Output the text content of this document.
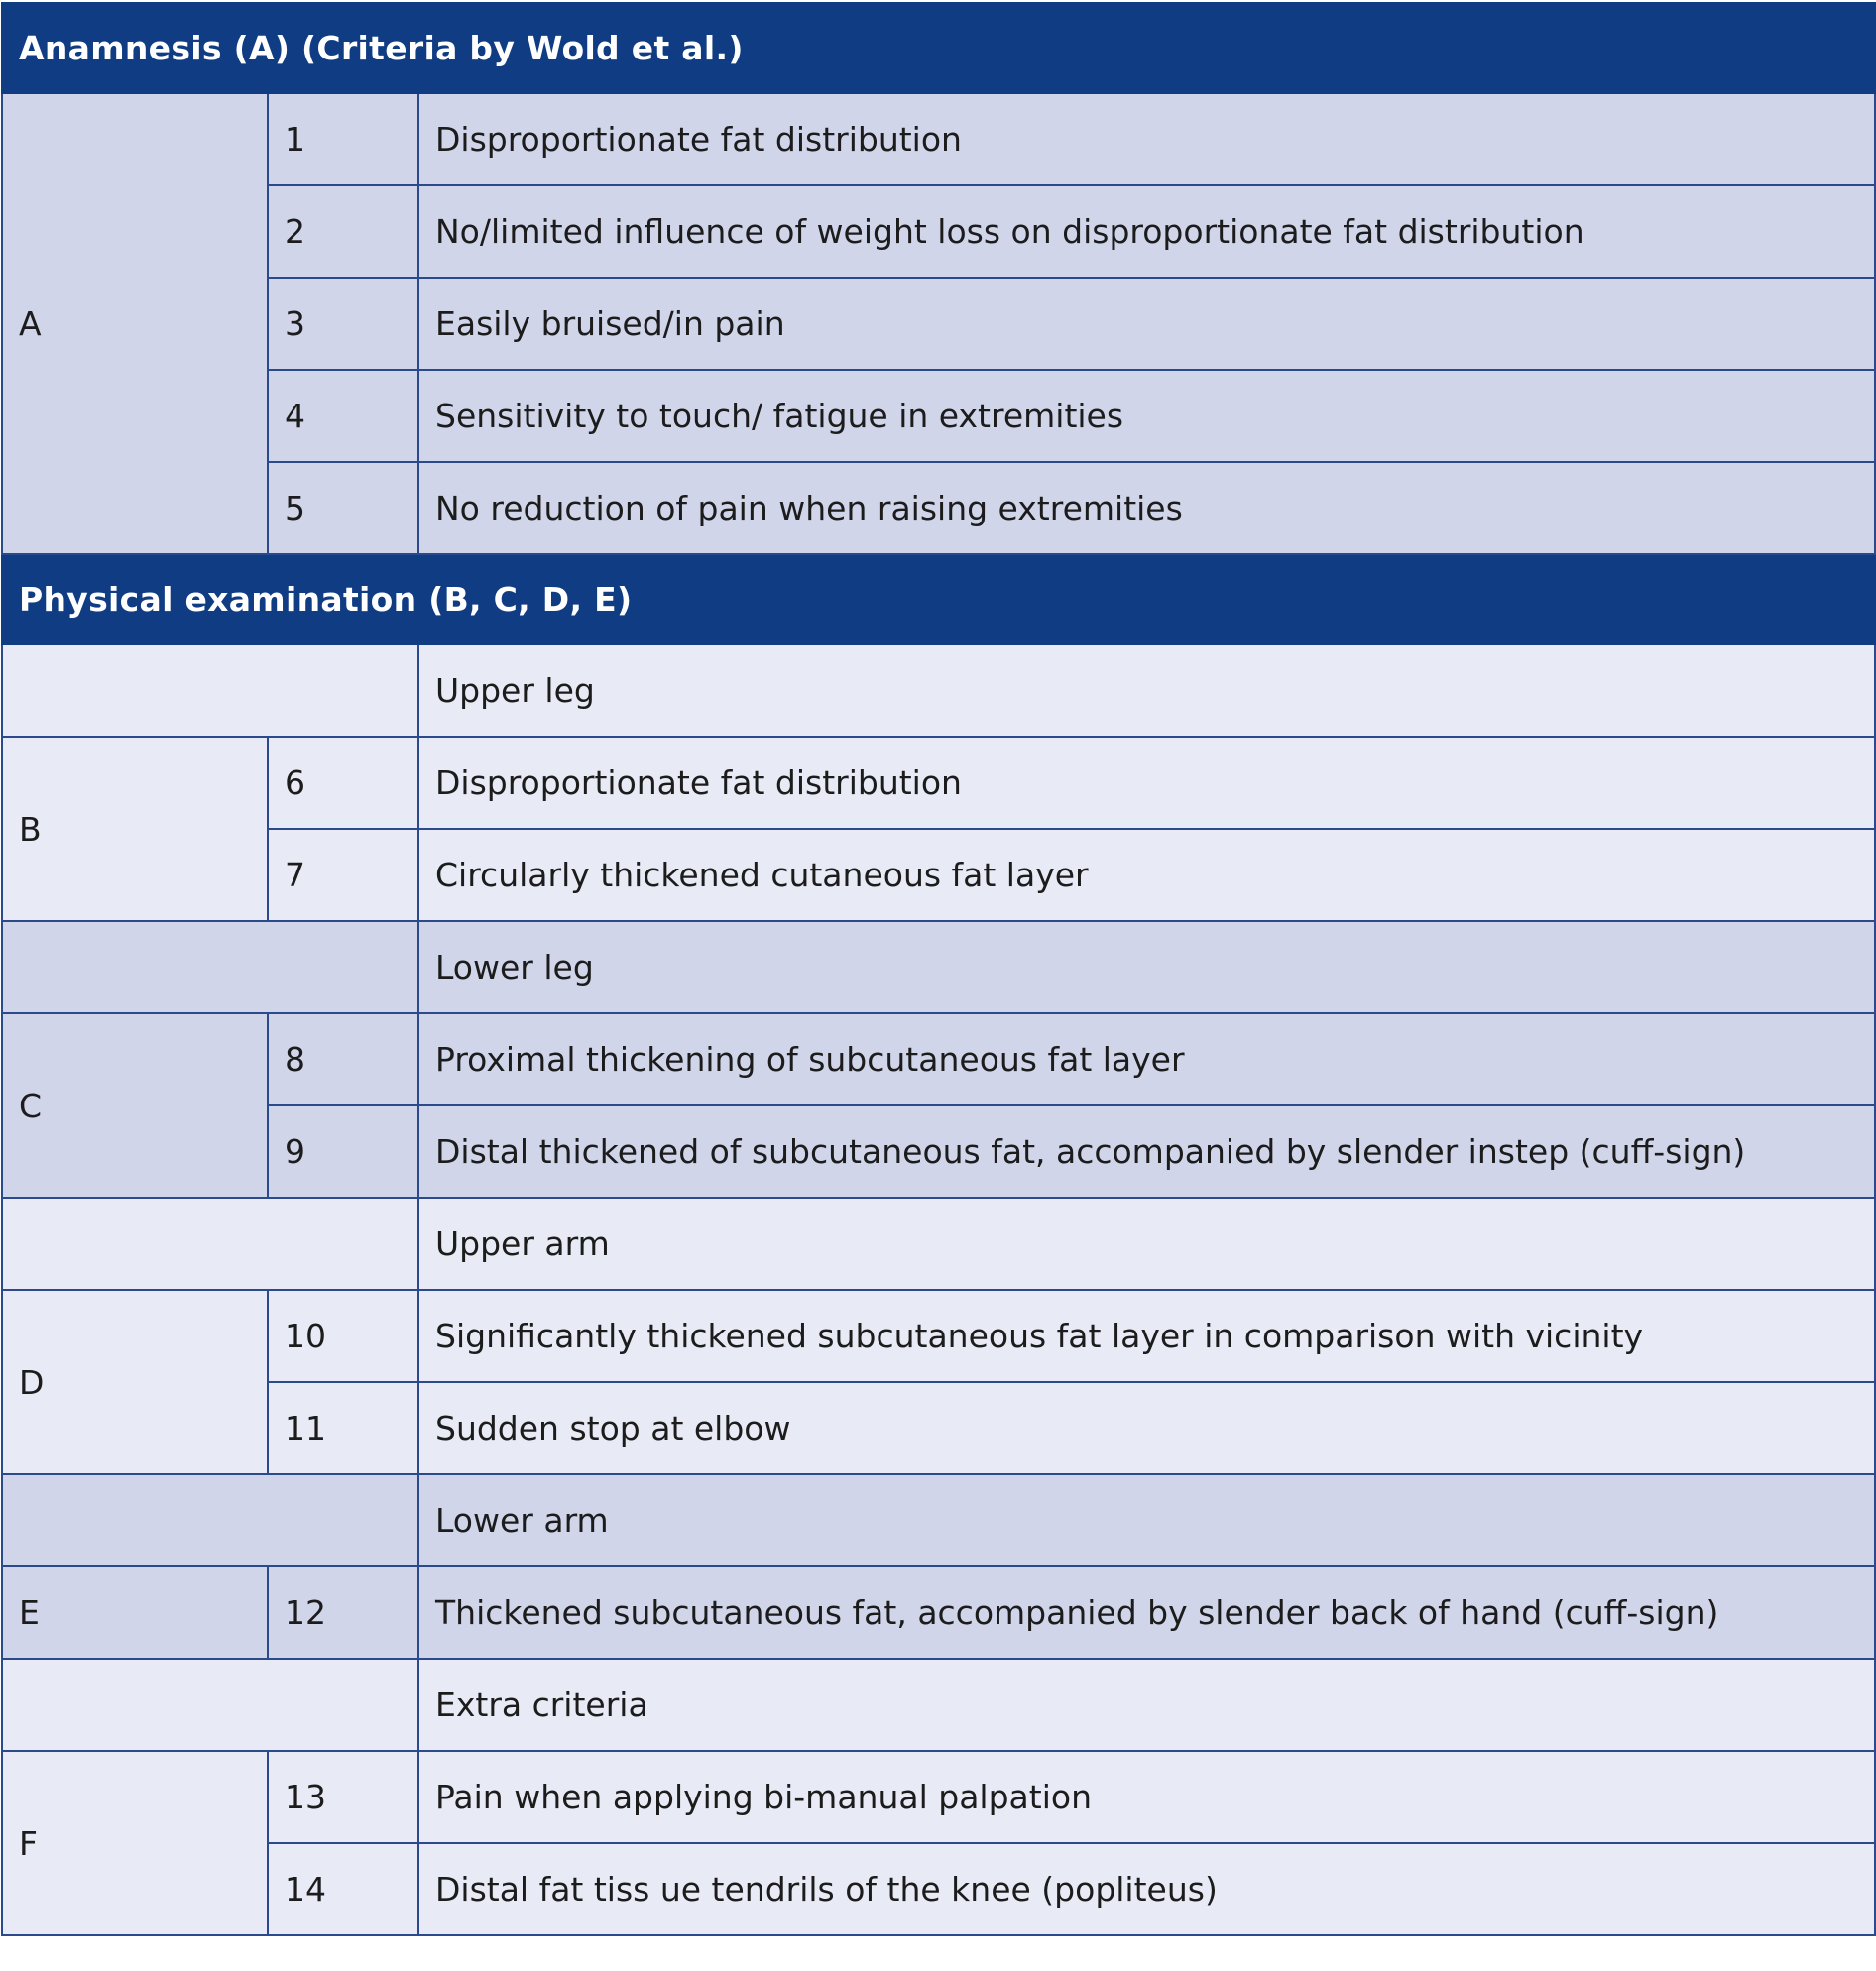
Anamnesis (A) (Criteria by Wold et al.)		
A	1	Disproportionate fat distribution
	2	No/limited influence of weight loss on disproportionate fat distribution
	3	Easily bruised/in pain
	4	Sensitivity to touch/ fatigue in extremities
	5	No reduction of pain when raising extremities
Physical examination (B, C, D, E)		
		Upper leg
B	6	Disproportionate fat distribution
	7	Circularly thickened cutaneous fat layer
		Lower leg
C	8	Proximal thickening of subcutaneous fat layer
	9	Distal thickened of subcutaneous fat, accompanied by slender instep (cuff-sign)
		Upper arm
D	10	Significantly thickened subcutaneous fat layer in comparison with vicinity
	11	Sudden stop at elbow
		Lower arm
E	12	Thickened subcutaneous fat, accompanied by slender back of hand (cuff-sign)
		Extra criteria
F	13	Pain when applying bi-manual palpation
	14	Distal fat tiss ue tendrils of the knee (popliteus)
